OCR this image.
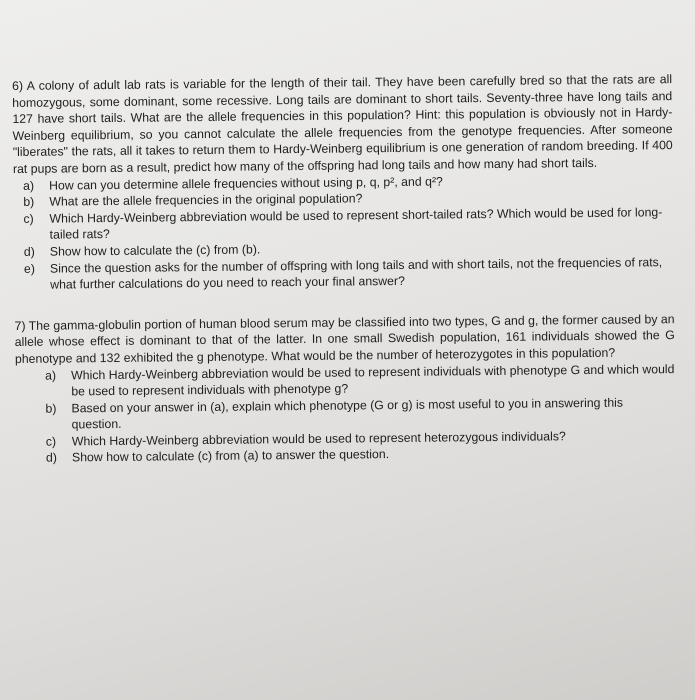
6) A colony of adult lab rats is variable for the length of their tail. They have been carefully bred so that the rats are all homozygous, some dominant, some recessive. Long tails are dominant to short tails. Seventy-three have long tails and 127 have short tails. What are the allele frequencies in this population? Hint: this population is obviously not in Hardy-Weinberg equilibrium, so you cannot calculate the allele frequencies from the genotype frequencies. After someone "liberates" the rats, all it takes to return them to Hardy-Weinberg equilibrium is one generation of random breeding. If 400 rat pups are born as a result, predict how many of the offspring had long tails and how many had short tails.

a)	How can you determine allele frequencies without using p, q, p², and q²?
b)	What are the allele frequencies in the original population?
c)	Which Hardy-Weinberg abbreviation would be used to represent short-tailed rats? Which would be used for long-tailed rats?
d)	Show how to calculate the (c) from (b).
e)	Since the question asks for the number of offspring with long tails and with short tails, not the frequencies of rats, what further calculations do you need to reach your final answer?

7) The gamma-globulin portion of human blood serum may be classified into two types, G and g, the former caused by an allele whose effect is dominant to that of the latter. In one small Swedish population, 161 individuals showed the G phenotype and 132 exhibited the g phenotype. What would be the number of heterozygotes in this population?

a)	Which Hardy-Weinberg abbreviation would be used to represent individuals with phenotype G and which would be used to represent individuals with phenotype g?
b)	Based on your answer in (a), explain which phenotype (G or g) is most useful to you in answering this question.
c)	Which Hardy-Weinberg abbreviation would be used to represent heterozygous individuals?
d)	Show how to calculate (c) from (a) to answer the question.
